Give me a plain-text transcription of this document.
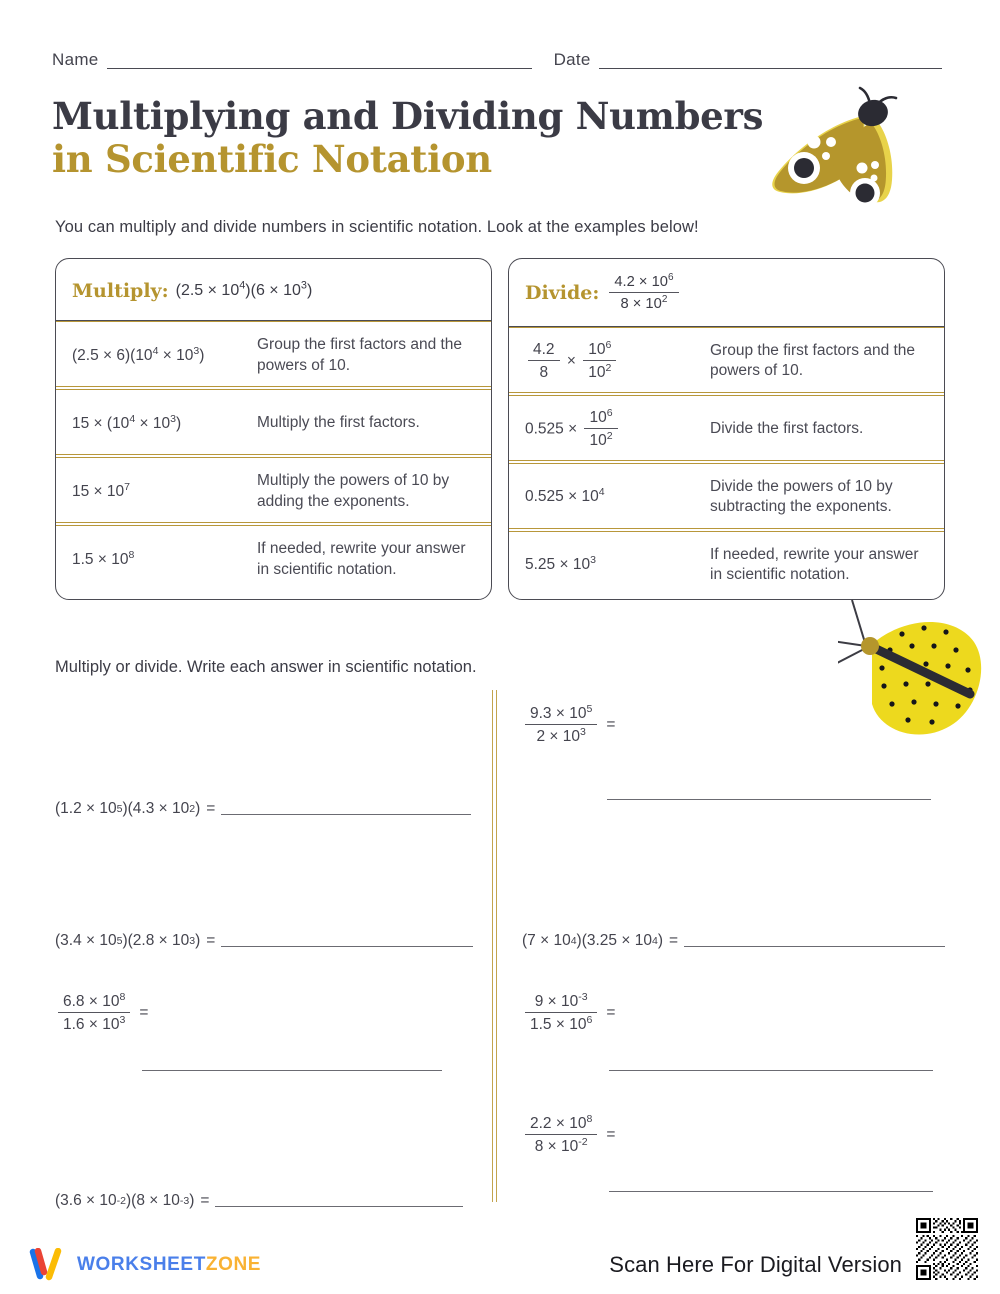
Name	Date
Multiplying and Dividing Numbers
in Scientific Notation
You can multiply and divide numbers in scientific notation. Look at the examples below!
Multiply: $(2.5 \times 10^4)(6 \times 10^3)$
$(2.5 \times 6)(10^4 \times 10^3)$
Group the first factors and the powers of 10.
$15 \times (10^4 \times 10^3)$	Multiply the first factors.
$15 \times 10^7$	Multiply the powers of 10 by adding the exponents.
$1.5 \times 10^8$	If needed, rewrite your answer in scientific notation.
Divide: $\frac{4.2 \times 10^6}{8 \times 10^2}$
$\frac{4.2}{8} \times \frac{10^6}{10^2}$	Group the first factors and the powers of 10.
$0.525 \times \frac{10^6}{10^2}$	Divide the first factors.
$0.525 \times 10^4$	Divide the powers of 10 by subtracting the exponents.
$5.25 \times 10^3$	If needed, rewrite your answer in scientific notation.
Multiply or divide. Write each answer in scientific notation.
(1.2 × 10 5 )(4.3 × 10 2 ) =
$\frac{9.3 \times 10^5}{2 \times 10^3}$ =
(3.4 × 10 5 )(2.8 × 10 3 ) =	(7 × 10 4 )(3.25 × 10 4 ) =
$\frac{6.8 \times 10^8}{1.6 \times 10^3}$ =	$\frac{9 \times 10^{-3}}{1.5 \times 10^6}$ =
(3.6 × 10 -2 )(8 × 10 -3 ) =
$\frac{2.2 \times 10^8}{8 \times 10^{-2}}$ =
WORKSHEETZONE	Scan Here For Digital Version
